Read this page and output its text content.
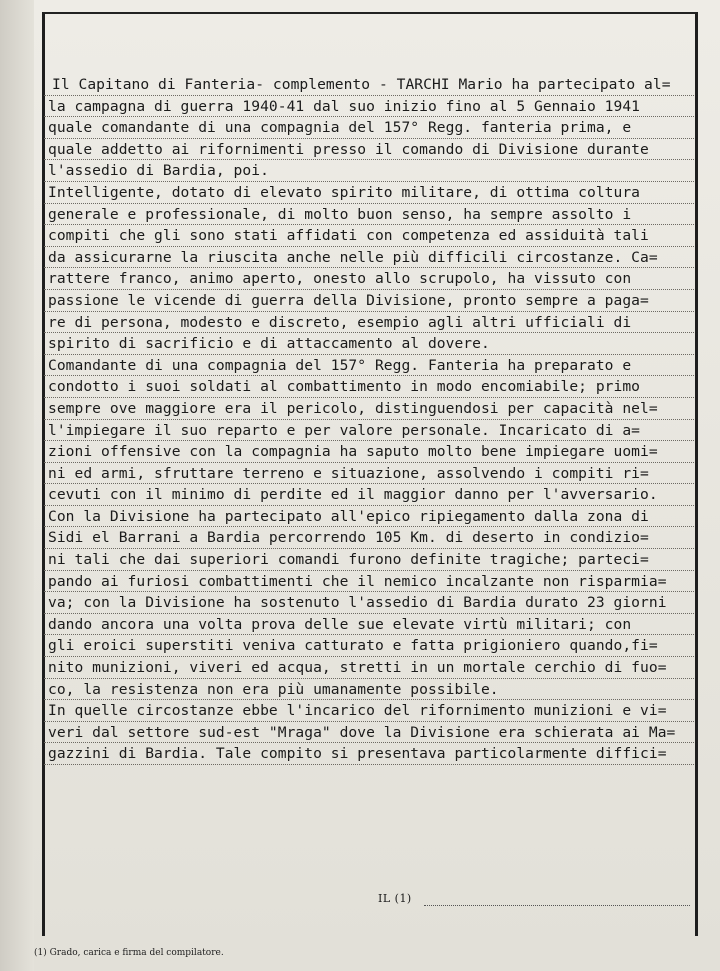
Il Capitano di Fanteria- complemento - TARCHI Mario ha partecipato al=
la campagna di guerra 1940-41 dal suo inizio fino al 5 Gennaio 1941
quale comandante di una compagnia del 157° Regg. fanteria prima, e
quale addetto ai rifornimenti presso il comando di Divisione durante
l'assedio di Bardia, poi.
Intelligente, dotato di elevato spirito militare, di ottima coltura
generale e professionale, di molto buon senso, ha sempre assolto i
compiti che gli sono stati affidati con competenza ed assiduità tali
da assicurarne la riuscita anche nelle più difficili circostanze. Ca=
rattere franco, animo aperto, onesto allo scrupolo, ha vissuto con
passione le vicende di guerra della Divisione, pronto sempre a paga=
re di persona, modesto e discreto, esempio agli altri ufficiali di
spirito di sacrificio e di attaccamento al dovere.
Comandante di una compagnia del 157° Regg. Fanteria ha preparato e
condotto i suoi soldati al combattimento in modo encomiabile; primo
sempre ove maggiore era il pericolo, distinguendosi per capacità nel=
l'impiegare il suo reparto e per valore personale. Incaricato di a=
zioni offensive con la compagnia ha saputo molto bene impiegare uomi=
ni ed armi, sfruttare terreno e situazione, assolvendo i compiti ri=
cevuti con il minimo di perdite ed il maggior danno per l'avversario.
Con la Divisione ha partecipato all'epico ripiegamento dalla zona di
Sidi el Barrani a Bardia percorrendo 105 Km. di deserto in condizio=
ni tali che dai superiori comandi furono definite tragiche; parteci=
pando ai furiosi combattimenti che il nemico incalzante non risparmia=
va; con la Divisione ha sostenuto l'assedio di Bardia durato 23 giorni
dando ancora una volta prova delle sue elevate virtù militari; con
gli eroici superstiti veniva catturato e fatta prigioniero quando,fi=
nito munizioni, viveri ed acqua, stretti in un mortale cerchio di fuo=
co, la resistenza non era più umanamente possibile.
In quelle circostanze ebbe l'incarico del rifornimento munizioni e vi=
veri dal settore sud-est "Mraga" dove la Divisione era schierata ai Ma=
gazzini di Bardia. Tale compito si presentava particolarmente diffici=
IL (1)
(1) Grado, carica e firma del compilatore.
